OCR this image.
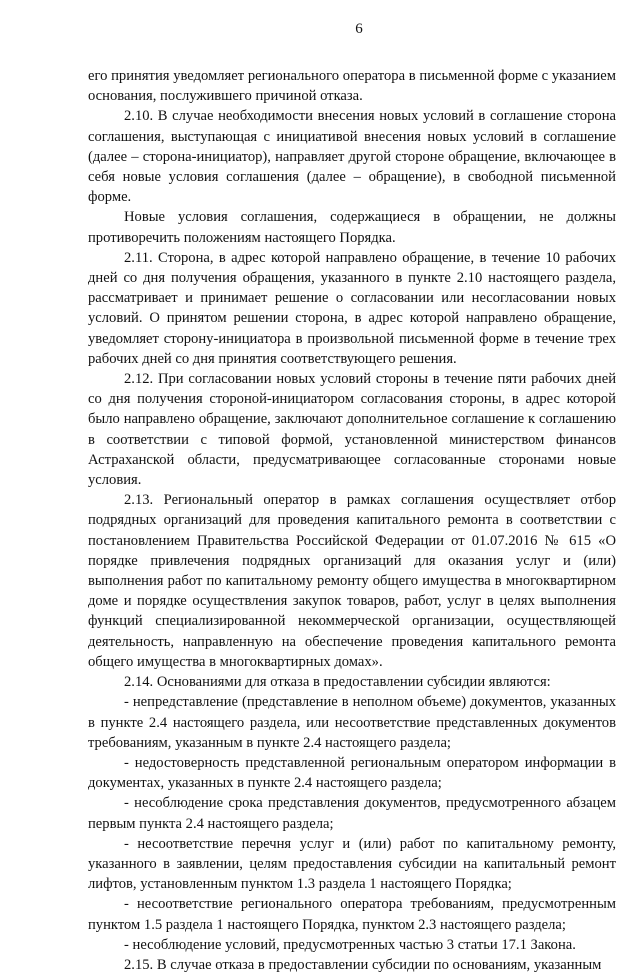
6

его принятия уведомляет регионального оператора в письменной форме с указанием основания, послужившего причиной отказа.

2.10. В случае необходимости внесения новых условий в соглашение сторона соглашения, выступающая с инициативой внесения новых условий в соглашение (далее – сторона-инициатор), направляет другой стороне обращение, включающее в себя новые условия соглашения (далее – обращение), в свободной письменной форме.

Новые условия соглашения, содержащиеся в обращении, не должны противоречить положениям настоящего Порядка.

2.11. Сторона, в адрес которой направлено обращение, в течение 10 рабочих дней со дня получения обращения, указанного в пункте 2.10 настоящего раздела, рассматривает и принимает решение о согласовании или несогласовании новых условий. О принятом решении сторона, в адрес которой направлено обращение, уведомляет сторону-инициатора в произвольной письменной форме в течение трех рабочих дней со дня принятия соответствующего решения.

2.12. При согласовании новых условий стороны в течение пяти рабочих дней со дня получения стороной-инициатором согласования стороны, в адрес которой было направлено обращение, заключают дополнительное соглашение к соглашению в соответствии с типовой формой, установленной министерством финансов Астраханской области, предусматривающее согласованные сторонами новые условия.

2.13. Региональный оператор в рамках соглашения осуществляет отбор подрядных организаций для проведения капитального ремонта в соответствии с постановлением Правительства Российской Федерации от 01.07.2016 № 615 «О порядке привлечения подрядных организаций для оказания услуг и (или) выполнения работ по капитальному ремонту общего имущества в многоквартирном доме и порядке осуществления закупок товаров, работ, услуг в целях выполнения функций специализированной некоммерческой организации, осуществляющей деятельность, направленную на обеспечение проведения капитального ремонта общего имущества в многоквартирных домах».

2.14. Основаниями для отказа в предоставлении субсидии являются:

- непредставление (представление в неполном объеме) документов, указанных в пункте 2.4 настоящего раздела, или несоответствие представленных документов требованиям, указанным в пункте 2.4 настоящего раздела;

- недостоверность представленной региональным оператором информации в документах, указанных в пункте 2.4 настоящего раздела;

- несоблюдение срока представления документов, предусмотренного абзацем первым пункта 2.4 настоящего раздела;

- несоответствие перечня услуг и (или) работ по капитальному ремонту, указанного в заявлении, целям предоставления субсидии на капитальный ремонт лифтов, установленным пунктом 1.3 раздела 1 настоящего Порядка;

- несоответствие регионального оператора требованиям, предусмотренным пунктом 1.5 раздела 1 настоящего Порядка, пунктом 2.3 настоящего раздела;

- несоблюдение условий, предусмотренных частью 3 статьи 17.1 Закона.

2.15. В случае отказа в предоставлении субсидии по основаниям, указанным
